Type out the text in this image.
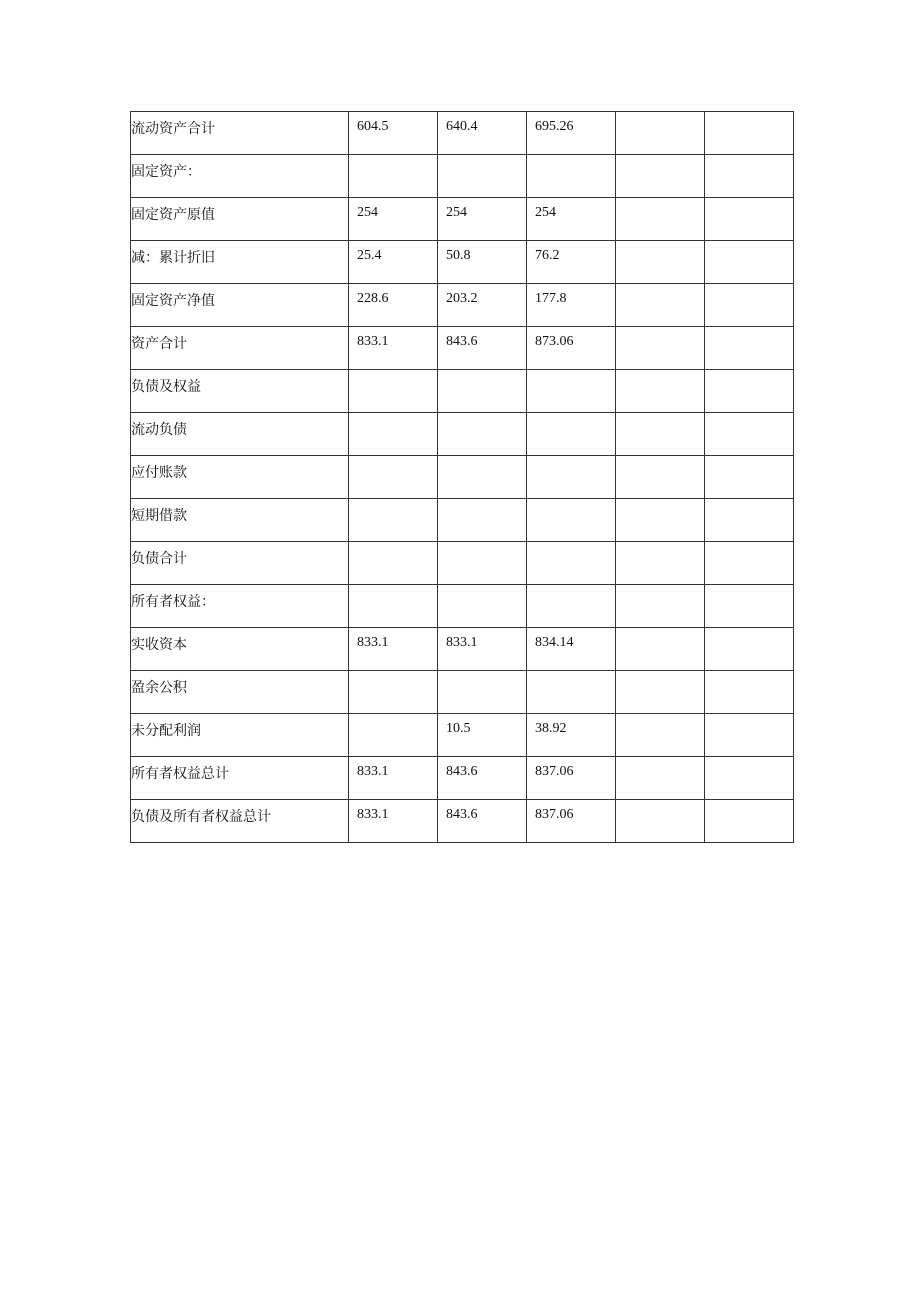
流动资产合计	604.5	640.4	695.26		
固定资产：					
固定资产原值	254	254	254		
减：累计折旧	25.4	50.8	76.2		
固定资产净值	228.6	203.2	177.8		
资产合计	833.1	843.6	873.06		
负债及权益					
流动负债					
应付账款					
短期借款					
负债合计					
所有者权益：					
实收资本	833.1	833.1	834.14		
盈余公积					
未分配利润		10.5	38.92		
所有者权益总计	833.1	843.6	837.06		
负债及所有者权益总计	833.1	843.6	837.06		
